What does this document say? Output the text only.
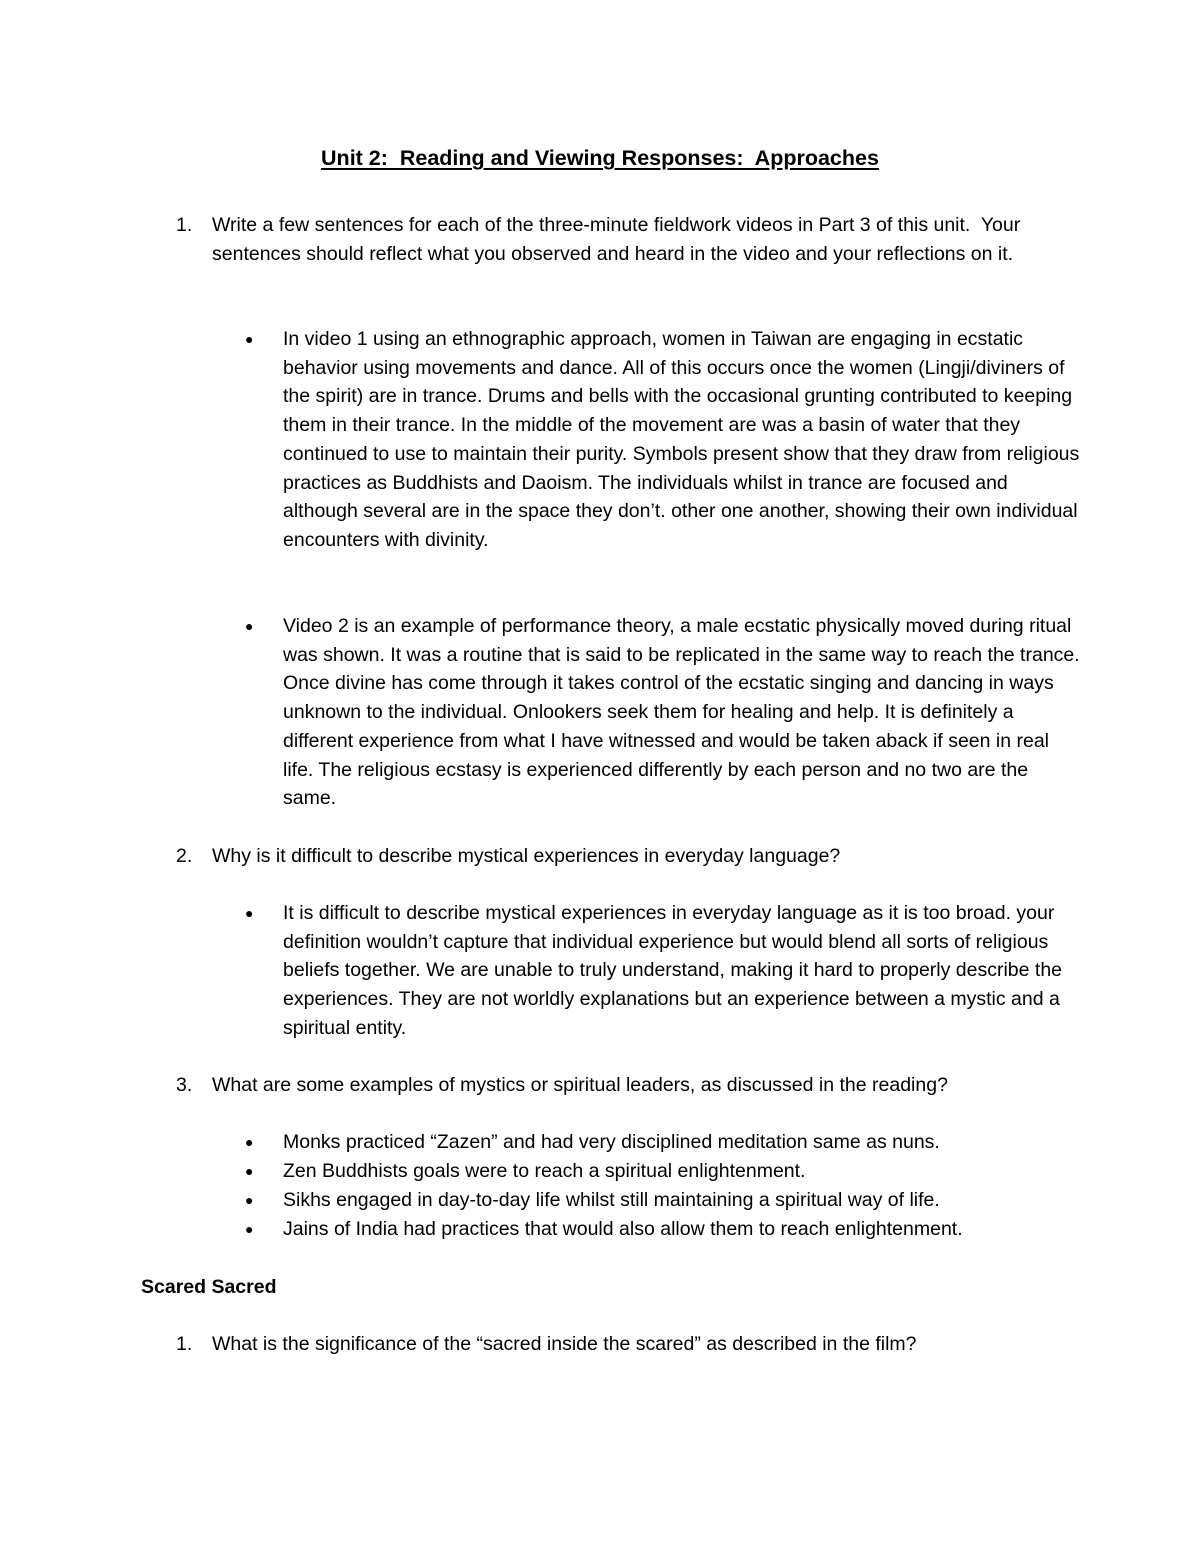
Unit 2:  Reading and Viewing Responses:  Approaches
1. Write a few sentences for each of the three-minute fieldwork videos in Part 3 of this unit.  Your sentences should reflect what you observed and heard in the video and your reflections on it.
● In video 1 using an ethnographic approach, women in Taiwan are engaging in ecstatic behavior using movements and dance. All of this occurs once the women (Lingji/diviners of the spirit) are in trance. Drums and bells with the occasional grunting contributed to keeping them in their trance. In the middle of the movement are was a basin of water that they continued to use to maintain their purity. Symbols present show that they draw from religious practices as Buddhists and Daoism. The individuals whilst in trance are focused and although several are in the space they don’t. other one another, showing their own individual encounters with divinity.
● Video 2 is an example of performance theory, a male ecstatic physically moved during ritual was shown. It was a routine that is said to be replicated in the same way to reach the trance. Once divine has come through it takes control of the ecstatic singing and dancing in ways unknown to the individual. Onlookers seek them for healing and help. It is definitely a different experience from what I have witnessed and would be taken aback if seen in real life. The religious ecstasy is experienced differently by each person and no two are the same.
2. Why is it difficult to describe mystical experiences in everyday language?
● It is difficult to describe mystical experiences in everyday language as it is too broad. your definition wouldn’t capture that individual experience but would blend all sorts of religious beliefs together. We are unable to truly understand, making it hard to properly describe the experiences. They are not worldly explanations but an experience between a mystic and a spiritual entity.
3. What are some examples of mystics or spiritual leaders, as discussed in the reading?
● Monks practiced “Zazen” and had very disciplined meditation same as nuns.
● Zen Buddhists goals were to reach a spiritual enlightenment.
● Sikhs engaged in day-to-day life whilst still maintaining a spiritual way of life.
● Jains of India had practices that would also allow them to reach enlightenment.
Scared Sacred
1. What is the significance of the “sacred inside the scared” as described in the film?
